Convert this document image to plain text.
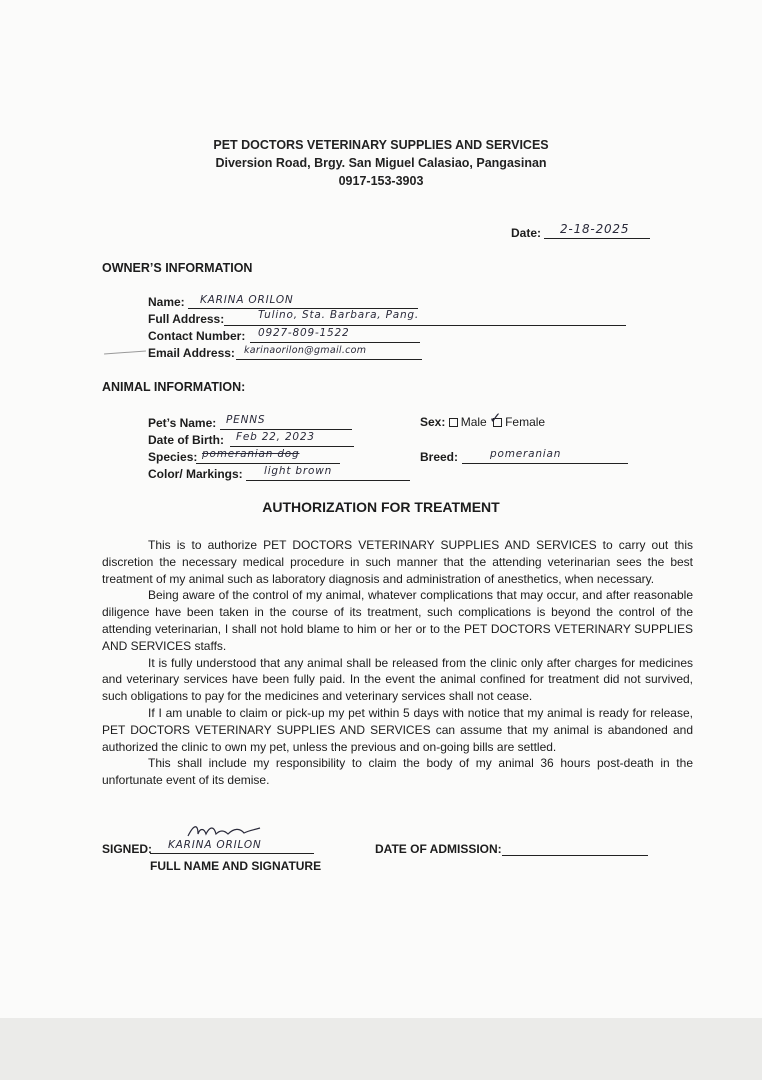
PET DOCTORS VETERINARY SUPPLIES AND SERVICES
Diversion Road, Brgy. San Miguel Calasiao, Pangasinan
0917-153-3903
Date: 2-18-2025
OWNER’S INFORMATION
Name: KARINA ORILON
Full Address:	Tulino, Sta. Barbara, Pang.
Contact Number: 0927-809-1522
Email Address: karinaorilon@gmail.com
ANIMAL INFORMATION:
Pet’s Name: PENNS
Date of Birth: Feb 22, 2023
Species: pomeranian dog
Color/ Markings: light brown
Sex: Male Female
✓
Breed:	pomeranian
AUTHORIZATION FOR TREATMENT

This is to authorize PET DOCTORS VETERINARY SUPPLIES AND SERVICES to carry out this discretion the necessary medical procedure in such manner that the attending veterinarian sees the best treatment of my animal such as laboratory diagnosis and administration of anesthetics, when necessary.

Being aware of the control of my animal, whatever complications that may occur, and after reasonable diligence have been taken in the course of its treatment, such complications is beyond the control of the attending veterinarian, I shall not hold blame to him or her or to the PET DOCTORS VETERINARY SUPPLIES AND SERVICES staffs.

It is fully understood that any animal shall be released from the clinic only after charges for medicines and veterinary services have been fully paid. In the event the animal confined for treatment did not survived, such obligations to pay for the medicines and veterinary services shall not cease.

If I am unable to claim or pick-up my pet within 5 days with notice that my animal is ready for release, PET DOCTORS VETERINARY SUPPLIES AND SERVICES can assume that my animal is abandoned and authorized the clinic to own my pet, unless the previous and on-going bills are settled.

This shall include my responsibility to claim the body of my animal 36 hours post-death in the unfortunate event of its demise.

SIGNED: KARINA ORILON
FULL NAME AND SIGNATURE
DATE OF ADMISSION:
